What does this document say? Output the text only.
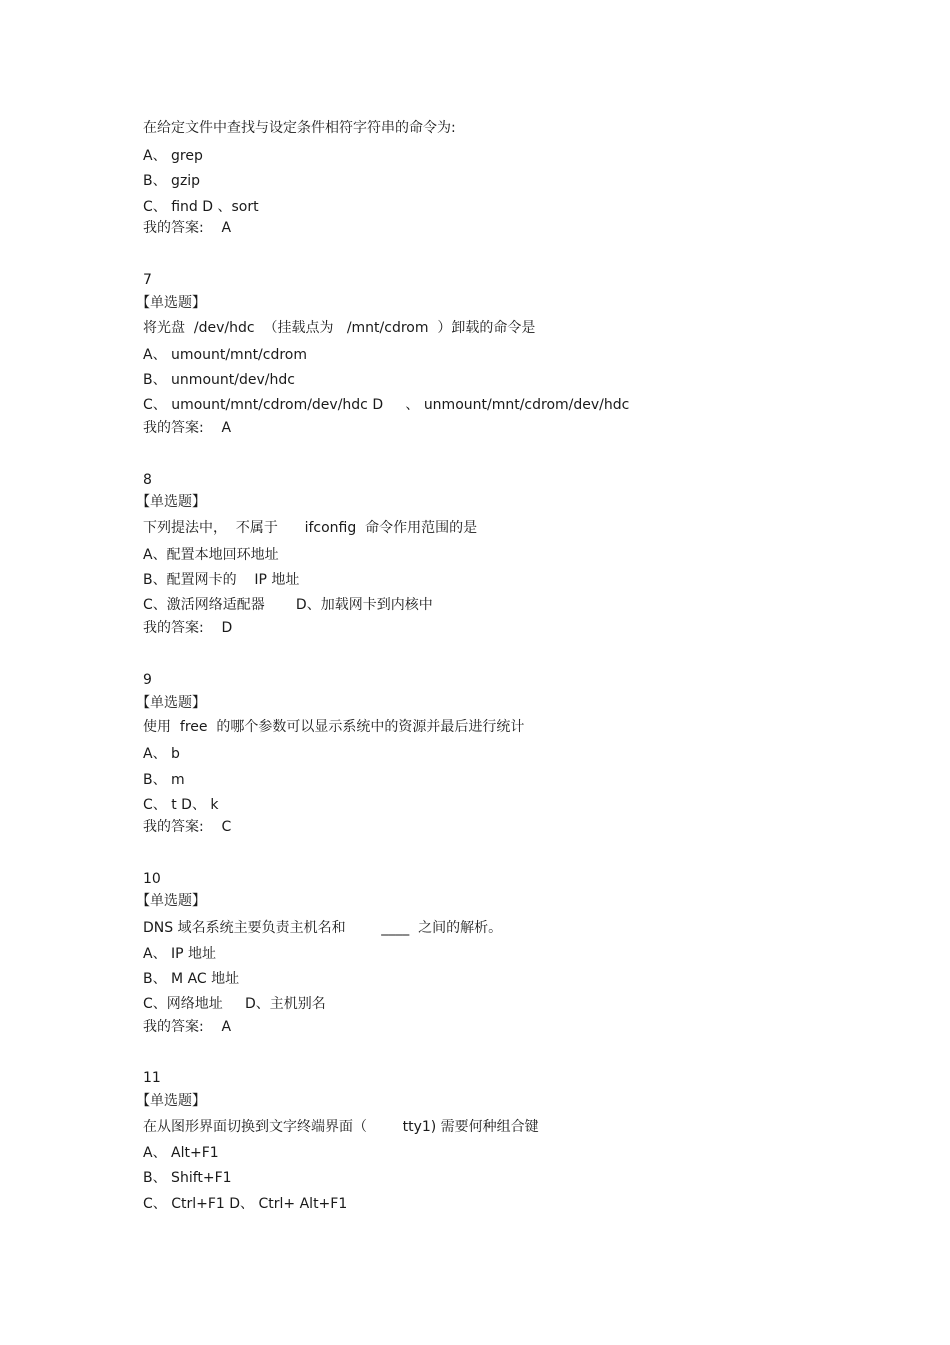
在给定文件中查找与设定条件相符字符串的命令为:
A、 grep
B、 gzip
C、 find D 、sort
我的答案:    A
7
【单选题】
将光盘  /dev/hdc  （挂载点为   /mnt/cdrom  ）卸载的命令是
A、 umount/mnt/cdrom
B、 unmount/dev/hdc
C、 umount/mnt/cdrom/dev/hdc D     、 unmount/mnt/cdrom/dev/hdc
我的答案:    A
8
【单选题】
下列提法中，  不属于      ifconfig  命令作用范围的是
A、配置本地回环地址
B、配置网卡的    IP 地址
C、激活网络适配器       D、加载网卡到内核中
我的答案:    D
9
【单选题】
使用  free  的哪个参数可以显示系统中的资源并最后进行统计
A、 b
B、 m
C、 t D、 k
我的答案:    C
10
【单选题】
DNS 域名系统主要负责主机名和        ____  之间的解析。
A、 IP 地址
B、 M AC 地址
C、网络地址     D、主机别名
我的答案:    A
11
【单选题】
在从图形界面切换到文字终端界面（        tty1) 需要何种组合键
A、 Alt+F1
B、 Shift+F1
C、 Ctrl+F1 D、 Ctrl+ Alt+F1
